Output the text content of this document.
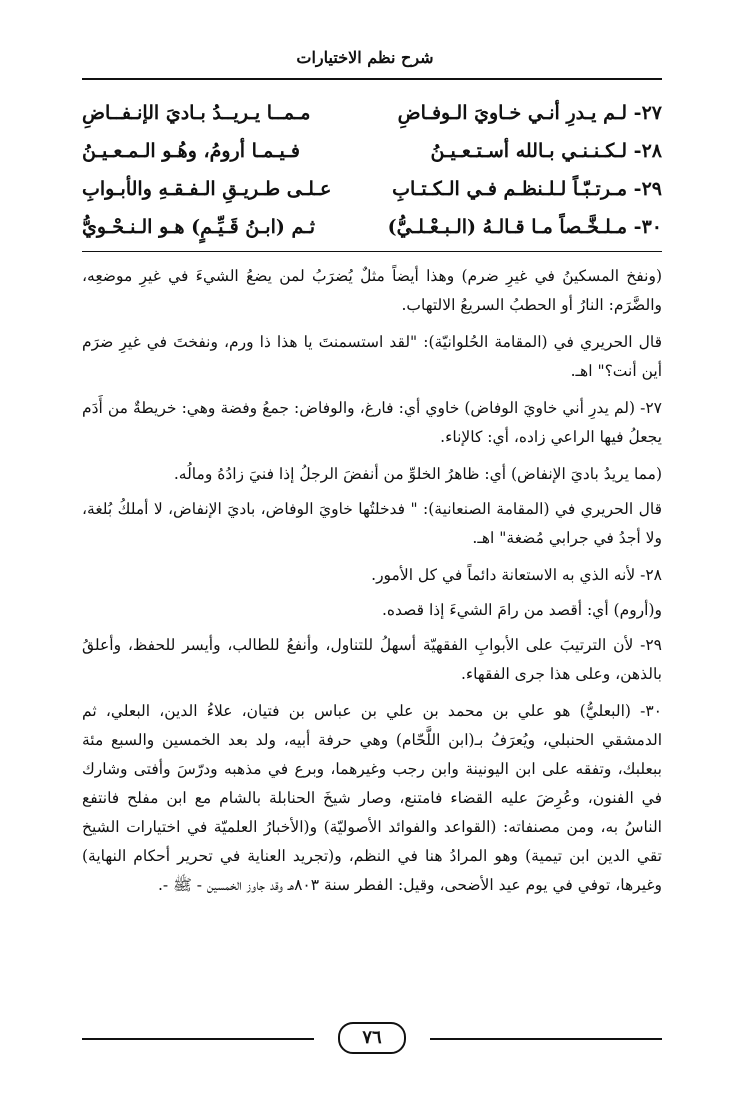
شرح نظم الاختيارات
٢٧- لـم يـدرِ أنـي خـاويَ الـوفـاضِ
مـمــا يـريــدُ بـاديَ الإنـفــاضِ
٢٨- لـكـنـنـي بـالله أسـتـعـيـنُ
فـيـمـا أرومُ، وهُـو الـمـعـيـنُ
٢٩- مـرتـبّـاً لـلـنظـم فـي الـكـتـابِ
عـلـى طـريـقِ الـفـقـهِ والأبـوابِ
٣٠- مـلـخَّـصاً مـا قـالـهُ (الـبـعْـلـيُّ)
ثـم (ابـنُ قَـيِّـمٍ) هـو الـنـحْـويُّ

(ونفخ المسكينُ في غيرِ ضرم) وهذا أيضاً مثلٌ يُضرَبُ لمن يضعُ الشيءَ في غيرِ موضعِه، والضَّرَم: النارُ أو الحطبُ السريعُ الالتهاب.

قال الحريري في (المقامة الحُلوانيّة): "لقد استسمنتَ يا هذا ذا ورم، ونفختَ في غيرِ ضرَم أين أنت؟" اهـ.

٢٧- (لم يدرِ أني خاويَ الوفاض) خاوي أي: فارغ، والوفاض: جمعُ وفضة وهي: خريطةٌ من أَدَم يجعلُ فيها الراعي زاده، أي: كالإناء.

(مما يريدُ باديَ الإنفاض) أي: ظاهرُ الخلوِّ من أنفضَ الرجلُ إذا فنيَ زادُهُ ومالُه.

قال الحريري في (المقامة الصنعانية): " فدخلتُها خاويَ الوفاض، باديَ الإنفاض، لا أملكُ بُلغة، ولا أجدُ في جرابي مُضغة" اهـ.

٢٨- لأنه الذي به الاستعانة دائماً في كل الأمور.

و(أروم) أي: أقصد من رامَ الشيءَ إذا قصده.

٢٩- لأن الترتيبَ على الأبوابِ الفقهيّة أسهلُ للتناول، وأنفعُ للطالب، وأيسر للحفظ، وأعلقُ بالذهن، وعلى هذا جرى الفقهاء.

٣٠- (البعليُّ) هو علي بن محمد بن علي بن عباس بن فتيان، علاءُ الدين، البعلي، ثم الدمشقي الحنبلي، ويُعرَفُ بـ(ابن اللَّحّام) وهي حرفة أبيه، ولد بعد الخمسين والسبع مئة ببعلبك، وتفقه على ابن اليونينة وابن رجب وغيرهما، وبرع في مذهبه ودرّسَ وأفتى وشارك في الفنون، وعُرِضَ عليه القضاء فامتنع، وصار شيخَ الحنابلة بالشام مع ابن مفلح فانتفع الناسُ به، ومن مصنفاته: (القواعد والفوائد الأصوليّة) و(الأخبارُ العلميّة في اختيارات الشيخ تقي الدين ابن تيمية) وهو المرادُ هنا في النظم، و(تجريد العناية في تحرير أحكام النهاية) وغيرها، توفي في يوم عيد الأضحى، وقيل: الفطر سنة ٨٠٣هـ وقد جاوز الخمسين - ﷺ -.

٧٦
